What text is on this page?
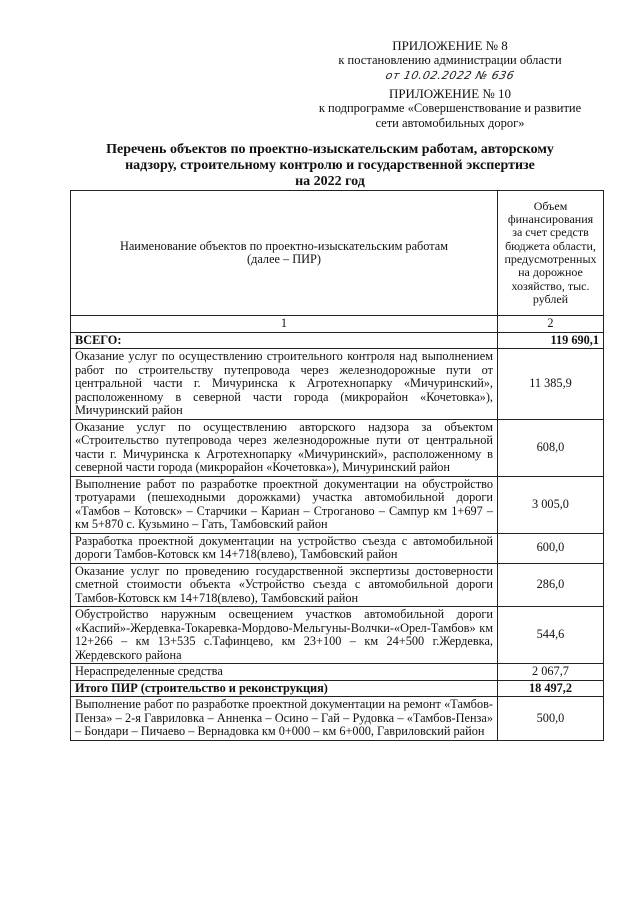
ПРИЛОЖЕНИЕ № 8
к постановлению администрации области
от 10.02.2022 № 636
ПРИЛОЖЕНИЕ № 10
к подпрограмме «Совершенствование и развитие
сети автомобильных дорог»
Перечень объектов по проектно-изыскательским работам, авторскому
надзору, строительному контролю и государственной экспертизе
на 2022 год
Наименование объектов по проектно-изыскательским работам
(далее – ПИР)	Объем финансирования за счет средств бюджета области, предусмотренных на дорожное хозяйство, тыс. рублей
1	2
ВСЕГО:	119 690,1
Оказание услуг по осуществлению строительного контроля над выполнением работ по строительству путепровода через железнодорожные пути от центральной части г. Мичуринска к Агротехнопарку «Мичуринский», расположенному в северной части города (микрорайон «Кочетовка»), Мичуринский район	11 385,9
Оказание услуг по осуществлению авторского надзора за объектом «Строительство путепровода через железнодорожные пути от центральной части г. Мичуринска к Агротехнопарку «Мичуринский», расположенному в северной части города (микрорайон «Кочетовка»), Мичуринский район	608,0
Выполнение работ по разработке проектной документации на обустройство тротуарами (пешеходными дорожками) участка автомобильной дороги «Тамбов – Котовск» – Старчики – Кариан – Строганово – Сампур км 1+697 – км 5+870 с. Кузьмино – Гать, Тамбовский район	3 005,0
Разработка проектной документации на устройство съезда с автомобильной дороги Тамбов-Котовск км 14+718(влево), Тамбовский район	600,0
Оказание услуг по проведению государственной экспертизы достоверности сметной стоимости объекта «Устройство съезда с автомобильной дороги Тамбов-Котовск км 14+718(влево), Тамбовский район	286,0
Обустройство наружным освещением участков автомобильной дороги «Каспий»-Жердевка-Токаревка-Мордово-Мельгуны-Волчки-«Орел-Тамбов» км 12+266 – км 13+535 с.Тафинцево, км 23+100 – км 24+500 г.Жердевка, Жердевского района	544,6
Нераспределенные средства	2 067,7
Итого ПИР (строительство и реконструкция)	18 497,2
Выполнение работ по разработке проектной документации на ремонт «Тамбов-Пенза» – 2-я Гавриловка – Анненка – Осино – Гай – Рудовка – «Тамбов-Пенза» – Бондари – Пичаево – Вернадовка км 0+000 – км 6+000, Гавриловский район	500,0
